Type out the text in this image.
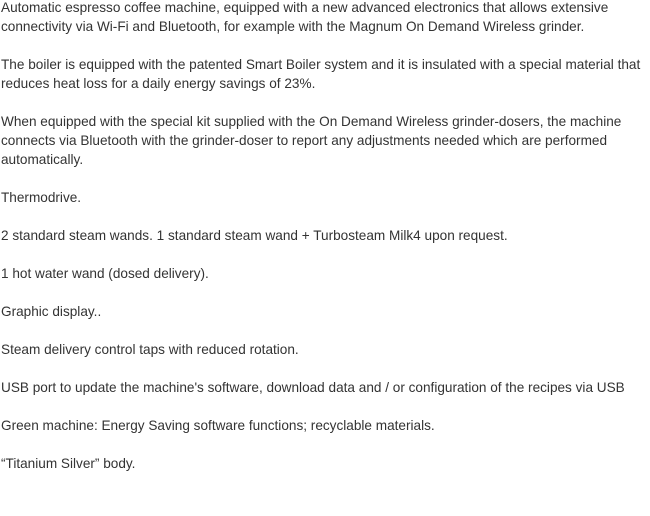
Automatic espresso coffee machine, equipped with a new advanced electronics that allows extensive connectivity via Wi-Fi and Bluetooth, for example with the Magnum On Demand Wireless grinder.

The boiler is equipped with the patented Smart Boiler system and it is insulated with a special material that reduces heat loss for a daily energy savings of 23%.

When equipped with the special kit supplied with the On Demand Wireless grinder-dosers, the machine connects via Bluetooth with the grinder-doser to report any adjustments needed which are performed automatically.

Thermodrive.

2 standard steam wands. 1 standard steam wand + Turbosteam Milk4 upon request.

1 hot water wand (dosed delivery).

Graphic display..

Steam delivery control taps with reduced rotation.

USB port to update the machine's software, download data and / or configuration of the recipes via USB

Green machine: Energy Saving software functions; recyclable materials.

“Titanium Silver” body.
